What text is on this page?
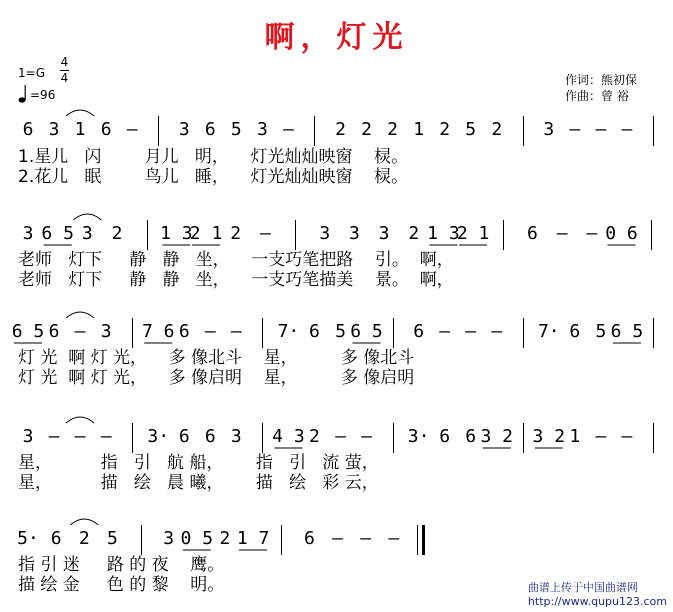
啊，灯光
1=G
4
4
=96
作词：熊初保
作曲：曾 裕
6 3 1 6 – 3 6 5 3 – 2 2 2 1 2 5 2 3 – – –
1.星儿   闪        月儿   明，    灯光灿灿映窗    棂。
2.花儿   眠        鸟儿   睡，    灯光灿灿映窗    棂。
3 6 5 3 2 1 3
2 1 2 –	3 3 3 2 1 3
2 1 6 – – 0 6
老师   灯下     静   静   坐，    一支巧笔把路    引。  啊，
老师   灯下     静   静   坐，    一支巧笔描美    景。  啊，
6 5 6 – 3 7 6 6 – – 7· 6 5 6 5 6 – – – 7· 6 5 6 5
灯 光  啊 灯 光，    多 像北斗    星，        多 像北斗
灯 光  啊 灯 光，    多 像启明    星，        多 像启明
3 – – – 3· 6 6 3 4 3 2 – – 3· 6 6 3 2 3 2 1 – –
星，         指   引   航 船，      指   引   流 萤，
星，         描   绘   晨 曦，      描   绘   彩 云，
5· 6 2 5	3 0 5 2 1 7 6 – – –
指 引 迷     路 的 夜    鹰。
描 绘 金     色 的 黎    明。	曲谱上传于中国曲谱网
http://www.qupu123.com
